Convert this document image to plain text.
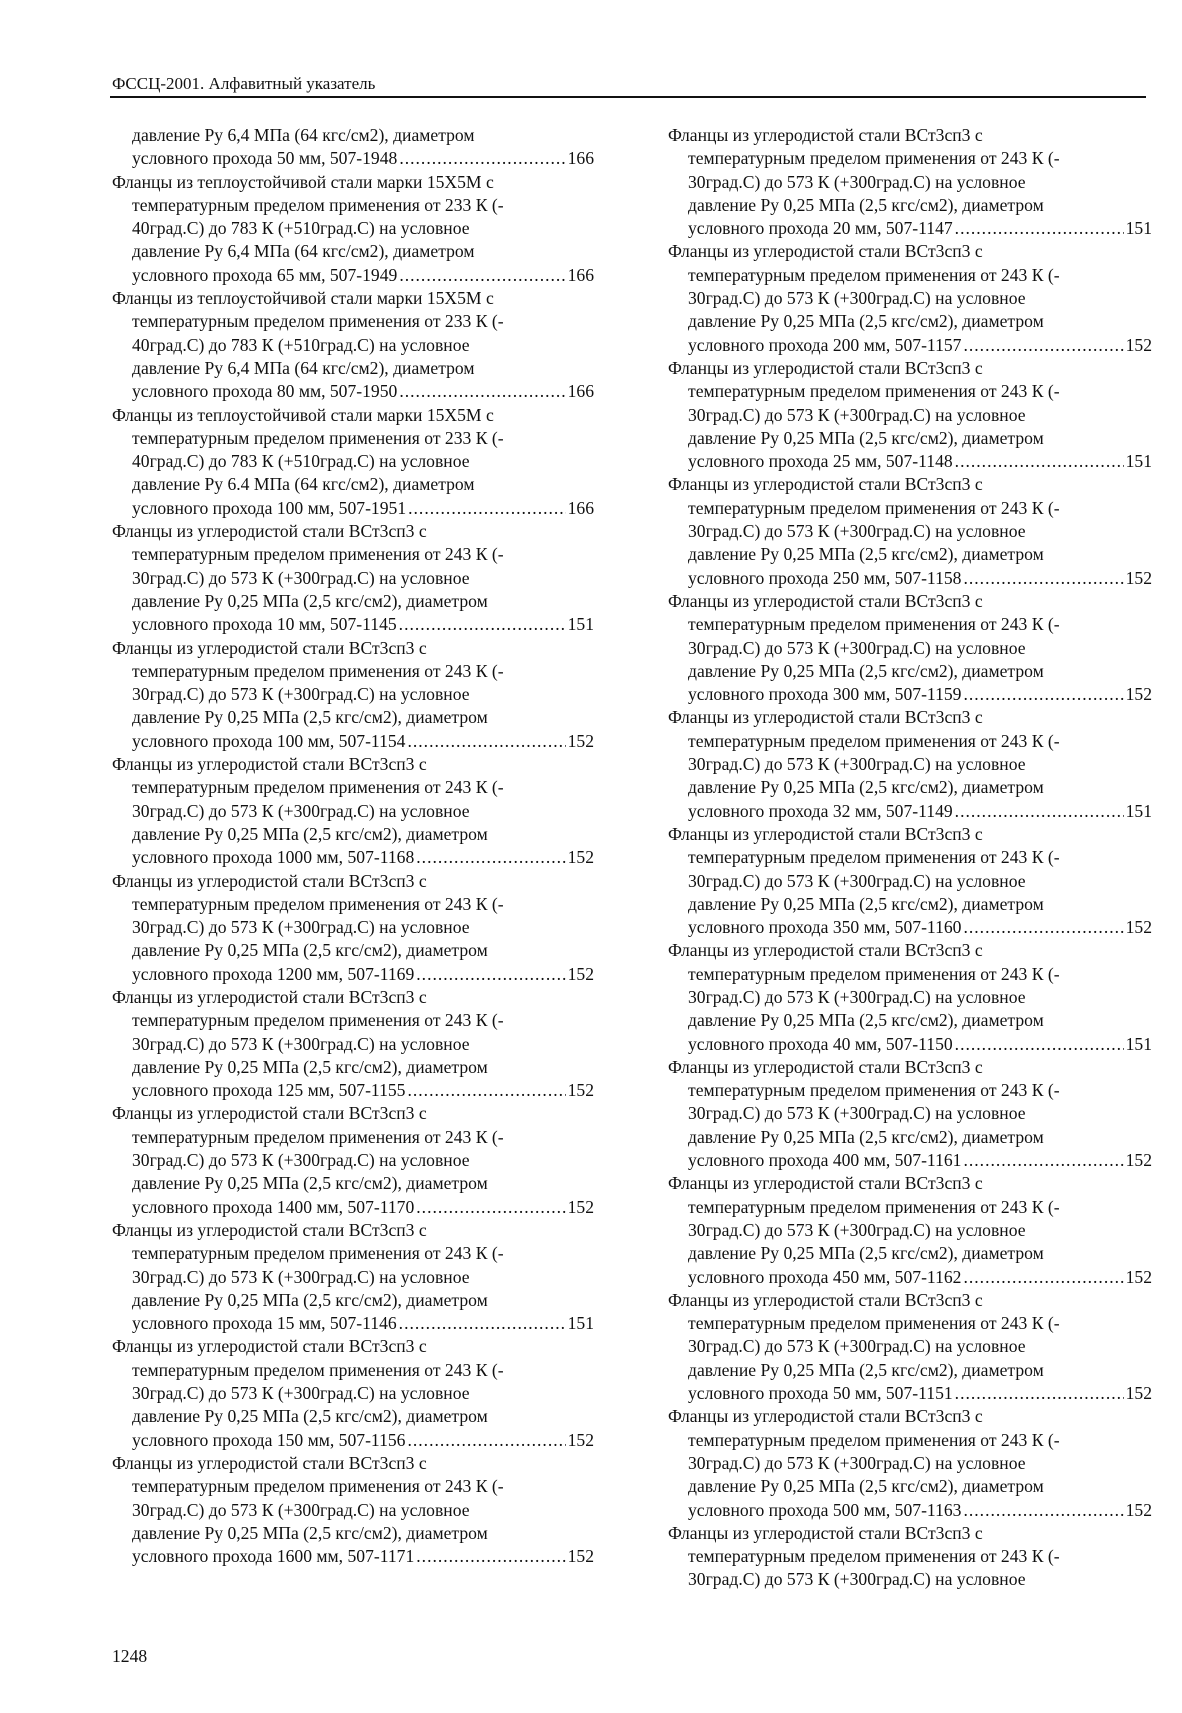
ФССЦ-2001. Алфавитный указатель
давление Ру 6,4 МПа (64 кгс/см2), диаметром
условного прохода 50 мм, 507-1948 .....	166
Фланцы из теплоустойчивой стали марки 15Х5М с
температурным пределом применения от 233 К (-
40град.С) до 783 К (+510град.С) на условное
давление Ру 6,4 МПа (64 кгс/см2), диаметром
условного прохода 65 мм, 507-1949 .....	166
Фланцы из теплоустойчивой стали марки 15Х5М с
температурным пределом применения от 233 К (-
40град.С) до 783 К (+510град.С) на условное
давление Ру 6,4 МПа (64 кгс/см2), диаметром
условного прохода 80 мм, 507-1950 .....	166
Фланцы из теплоустойчивой стали марки 15Х5М с
температурным пределом применения от 233 К (-
40град.С) до 783 К (+510град.С) на условное
давление Ру 6.4 МПа (64 кгс/см2), диаметром
условного прохода 100 мм, 507-1951 .....	166
Фланцы из углеродистой стали ВСт3сп3 с
температурным пределом применения от 243 К (-
30град.С) до 573 К (+300град.С) на условное
давление Ру 0,25 МПа (2,5 кгс/см2), диаметром
условного прохода 10 мм, 507-1145 .....	151
Фланцы из углеродистой стали ВСт3сп3 с
температурным пределом применения от 243 К (-
30град.С) до 573 К (+300град.С) на условное
давление Ру 0,25 МПа (2,5 кгс/см2), диаметром
условного прохода 100 мм, 507-1154 .....	152
Фланцы из углеродистой стали ВСт3сп3 с
температурным пределом применения от 243 К (-
30град.С) до 573 К (+300град.С) на условное
давление Ру 0,25 МПа (2,5 кгс/см2), диаметром
условного прохода 1000 мм, 507-1168 .....	152
Фланцы из углеродистой стали ВСт3сп3 с
температурным пределом применения от 243 К (-
30град.С) до 573 К (+300град.С) на условное
давление Ру 0,25 МПа (2,5 кгс/см2), диаметром
условного прохода 1200 мм, 507-1169 .....	152
Фланцы из углеродистой стали ВСт3сп3 с
температурным пределом применения от 243 К (-
30град.С) до 573 К (+300град.С) на условное
давление Ру 0,25 МПа (2,5 кгс/см2), диаметром
условного прохода 125 мм, 507-1155 .....	152
Фланцы из углеродистой стали ВСт3сп3 с
температурным пределом применения от 243 К (-
30град.С) до 573 К (+300град.С) на условное
давление Ру 0,25 МПа (2,5 кгс/см2), диаметром
условного прохода 1400 мм, 507-1170 .....	152
Фланцы из углеродистой стали ВСт3сп3 с
температурным пределом применения от 243 К (-
30град.С) до 573 К (+300град.С) на условное
давление Ру 0,25 МПа (2,5 кгс/см2), диаметром
условного прохода 15 мм, 507-1146 .....	151
Фланцы из углеродистой стали ВСт3сп3 с
температурным пределом применения от 243 К (-
30град.С) до 573 К (+300град.С) на условное
давление Ру 0,25 МПа (2,5 кгс/см2), диаметром
условного прохода 150 мм, 507-1156 .....	152
Фланцы из углеродистой стали ВСт3сп3 с
температурным пределом применения от 243 К (-
30град.С) до 573 К (+300град.С) на условное
давление Ру 0,25 МПа (2,5 кгс/см2), диаметром
условного прохода 1600 мм, 507-1171 .....	152
Фланцы из углеродистой стали ВСт3сп3 с
температурным пределом применения от 243 К (-
30град.С) до 573 К (+300град.С) на условное
давление Ру 0,25 МПа (2,5 кгс/см2), диаметром
условного прохода 20 мм, 507-1147 .....	151
Фланцы из углеродистой стали ВСт3сп3 с
температурным пределом применения от 243 К (-
30град.С) до 573 К (+300град.С) на условное
давление Ру 0,25 МПа (2,5 кгс/см2), диаметром
условного прохода 200 мм, 507-1157 .....	152
Фланцы из углеродистой стали ВСт3сп3 с
температурным пределом применения от 243 К (-
30град.С) до 573 К (+300град.С) на условное
давление Ру 0,25 МПа (2,5 кгс/см2), диаметром
условного прохода 25 мм, 507-1148 .....	151
Фланцы из углеродистой стали ВСт3сп3 с
температурным пределом применения от 243 К (-
30град.С) до 573 К (+300град.С) на условное
давление Ру 0,25 МПа (2,5 кгс/см2), диаметром
условного прохода 250 мм, 507-1158 .....	152
Фланцы из углеродистой стали ВСт3сп3 с
температурным пределом применения от 243 К (-
30град.С) до 573 К (+300град.С) на условное
давление Ру 0,25 МПа (2,5 кгс/см2), диаметром
условного прохода 300 мм, 507-1159 .....	152
Фланцы из углеродистой стали ВСт3сп3 с
температурным пределом применения от 243 К (-
30град.С) до 573 К (+300град.С) на условное
давление Ру 0,25 МПа (2,5 кгс/см2), диаметром
условного прохода 32 мм, 507-1149 .....	151
Фланцы из углеродистой стали ВСт3сп3 с
температурным пределом применения от 243 К (-
30град.С) до 573 К (+300град.С) на условное
давление Ру 0,25 МПа (2,5 кгс/см2), диаметром
условного прохода 350 мм, 507-1160 .....	152
Фланцы из углеродистой стали ВСт3сп3 с
температурным пределом применения от 243 К (-
30град.С) до 573 К (+300град.С) на условное
давление Ру 0,25 МПа (2,5 кгс/см2), диаметром
условного прохода 40 мм, 507-1150 .....	151
Фланцы из углеродистой стали ВСт3сп3 с
температурным пределом применения от 243 К (-
30град.С) до 573 К (+300град.С) на условное
давление Ру 0,25 МПа (2,5 кгс/см2), диаметром
условного прохода 400 мм, 507-1161 .....	152
Фланцы из углеродистой стали ВСт3сп3 с
температурным пределом применения от 243 К (-
30град.С) до 573 К (+300град.С) на условное
давление Ру 0,25 МПа (2,5 кгс/см2), диаметром
условного прохода 450 мм, 507-1162 .....	152
Фланцы из углеродистой стали ВСт3сп3 с
температурным пределом применения от 243 К (-
30град.С) до 573 К (+300град.С) на условное
давление Ру 0,25 МПа (2,5 кгс/см2), диаметром
условного прохода 50 мм, 507-1151 .....	152
Фланцы из углеродистой стали ВСт3сп3 с
температурным пределом применения от 243 К (-
30град.С) до 573 К (+300град.С) на условное
давление Ру 0,25 МПа (2,5 кгс/см2), диаметром
условного прохода 500 мм, 507-1163 .....	152
Фланцы из углеродистой стали ВСт3сп3 с
температурным пределом применения от 243 К (-
30град.С) до 573 К (+300град.С) на условное
1248
